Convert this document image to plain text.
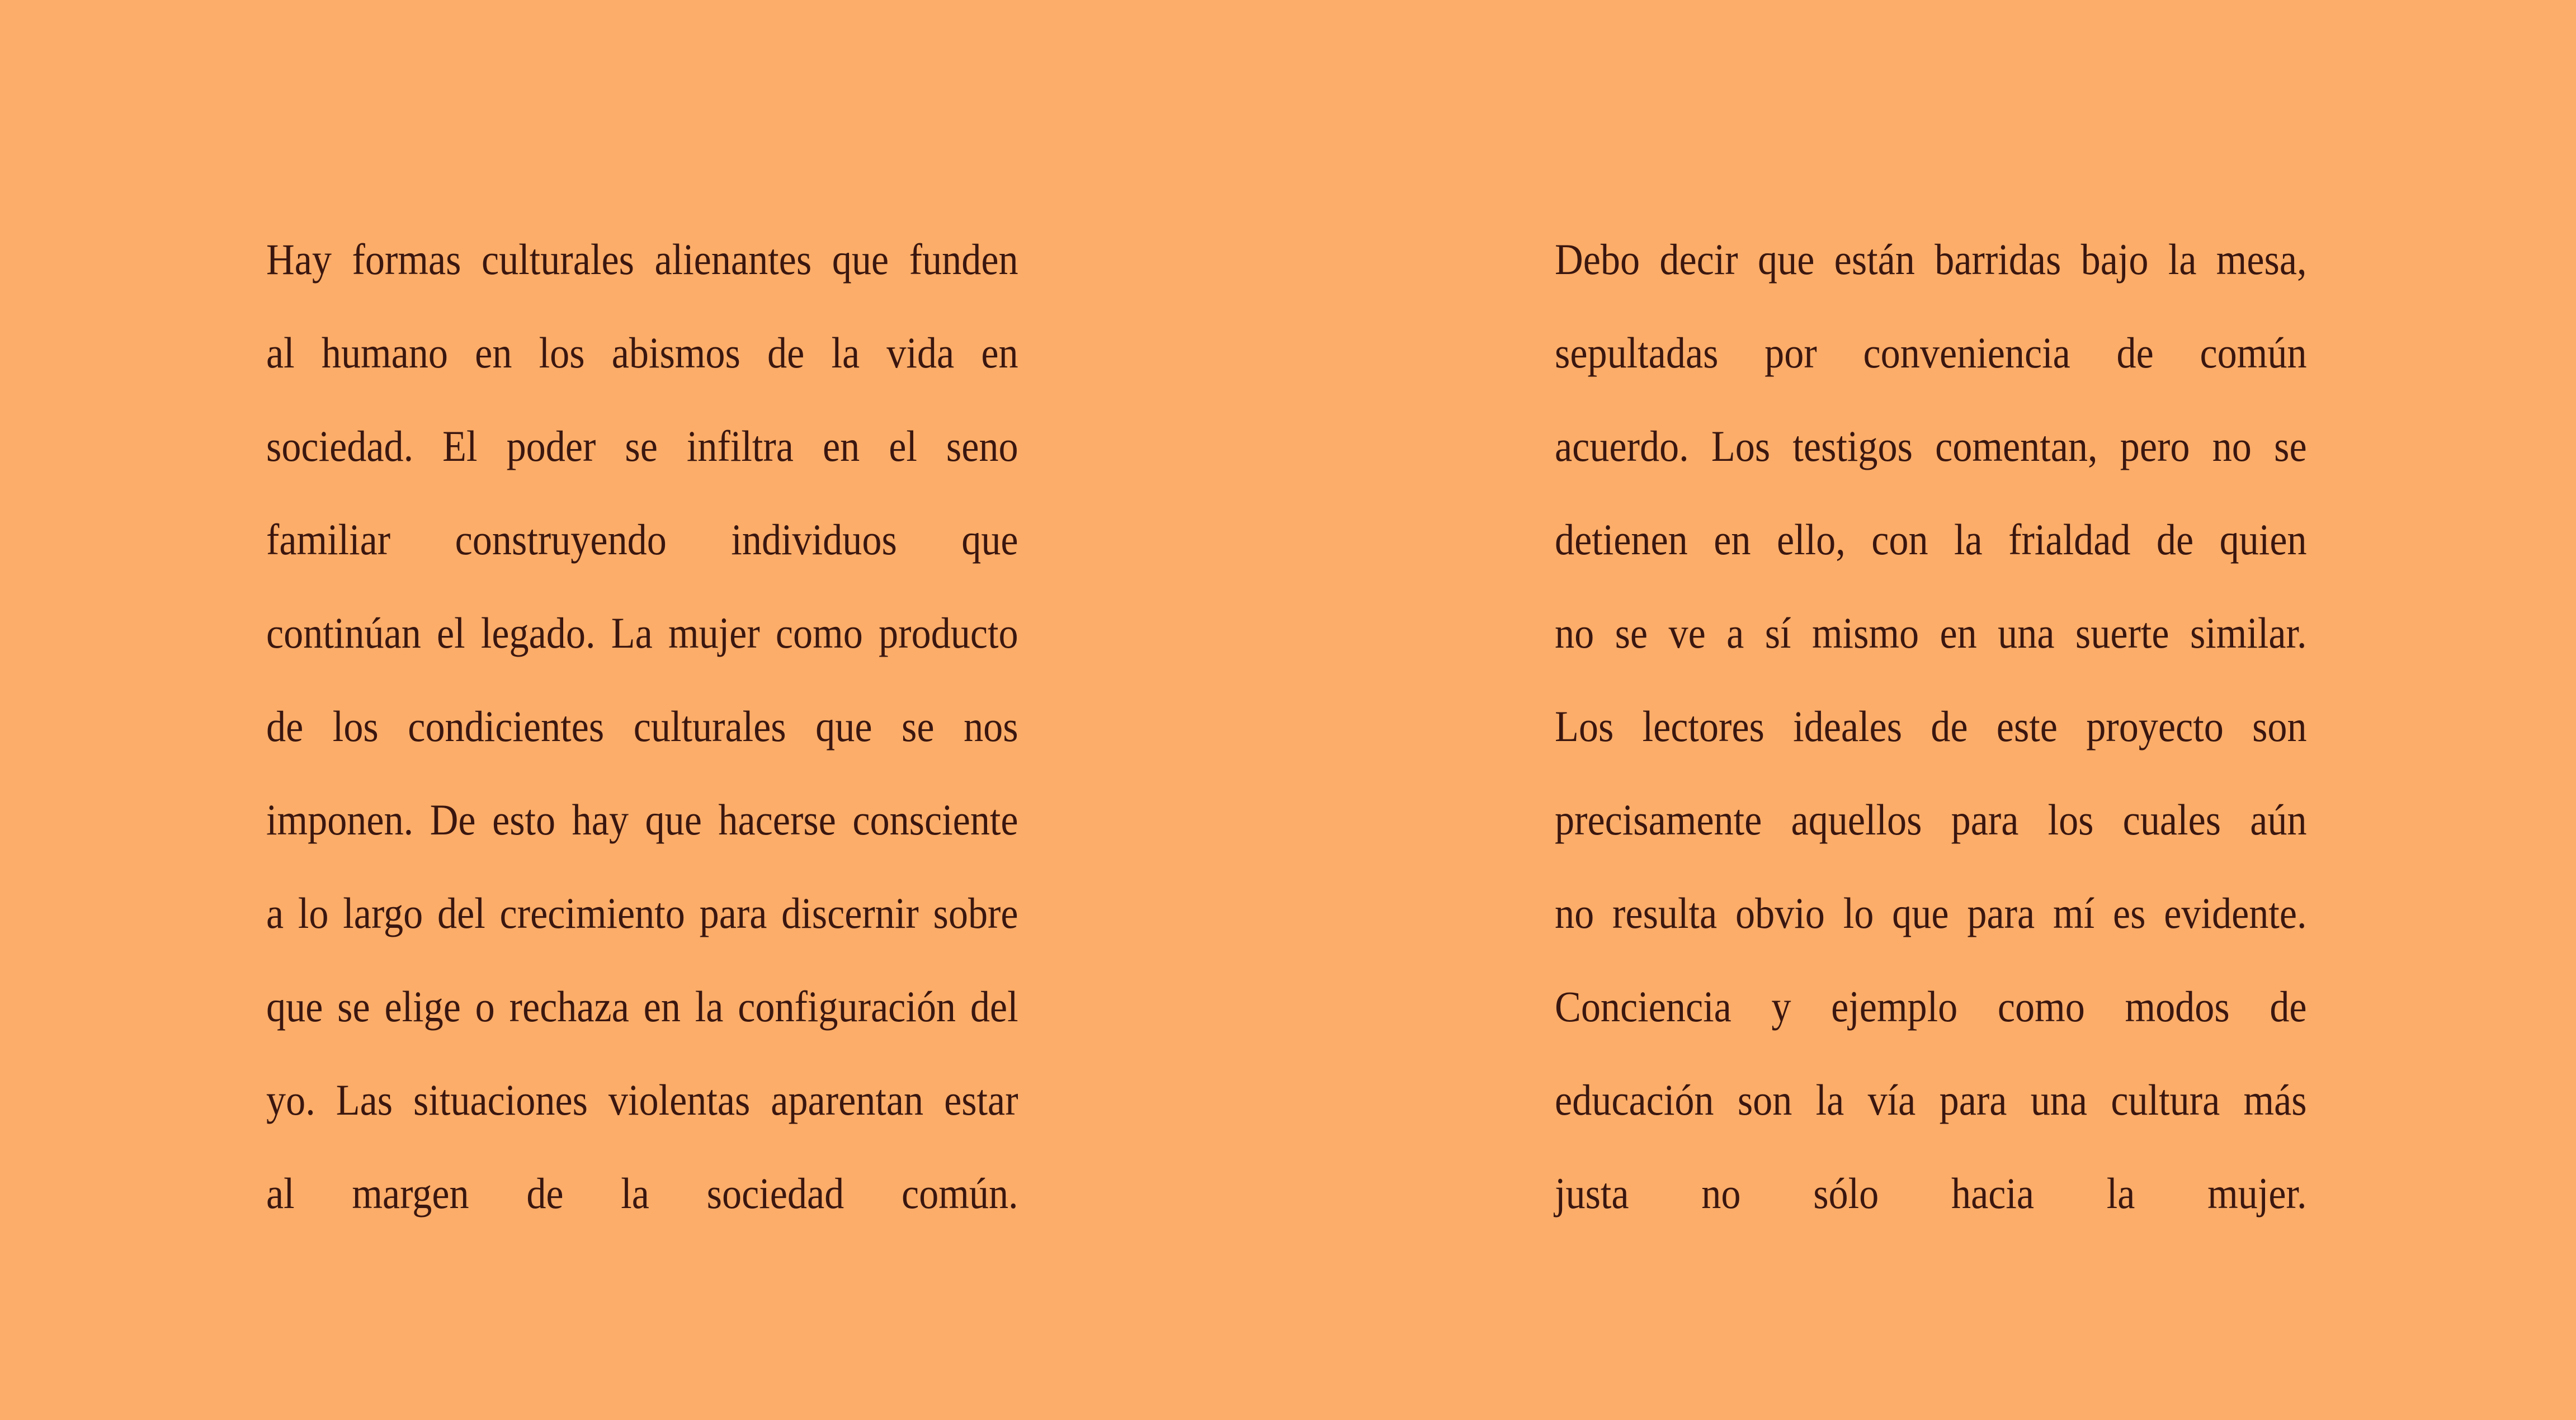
Hay formas culturales alienantes que funden
al humano en los abismos de la vida en
sociedad. El poder se infiltra en el seno
familiar construyendo individuos que
continúan el legado. La mujer como producto
de los condicientes culturales que se nos
imponen. De esto hay que hacerse consciente
a lo largo del crecimiento para discernir sobre
que se elige o rechaza en la configuración del
yo. Las situaciones violentas aparentan estar
al margen de la sociedad común.
Debo decir que están barridas bajo la mesa,
sepultadas por conveniencia de común
acuerdo. Los testigos comentan, pero no se
detienen en ello, con la frialdad de quien
no se ve a sí mismo en una suerte similar.
Los lectores ideales de este proyecto son
precisamente aquellos para los cuales aún
no resulta obvio lo que para mí es evidente.
Conciencia y ejemplo como modos de
educación son la vía para una cultura más
justa no sólo hacia la mujer.
